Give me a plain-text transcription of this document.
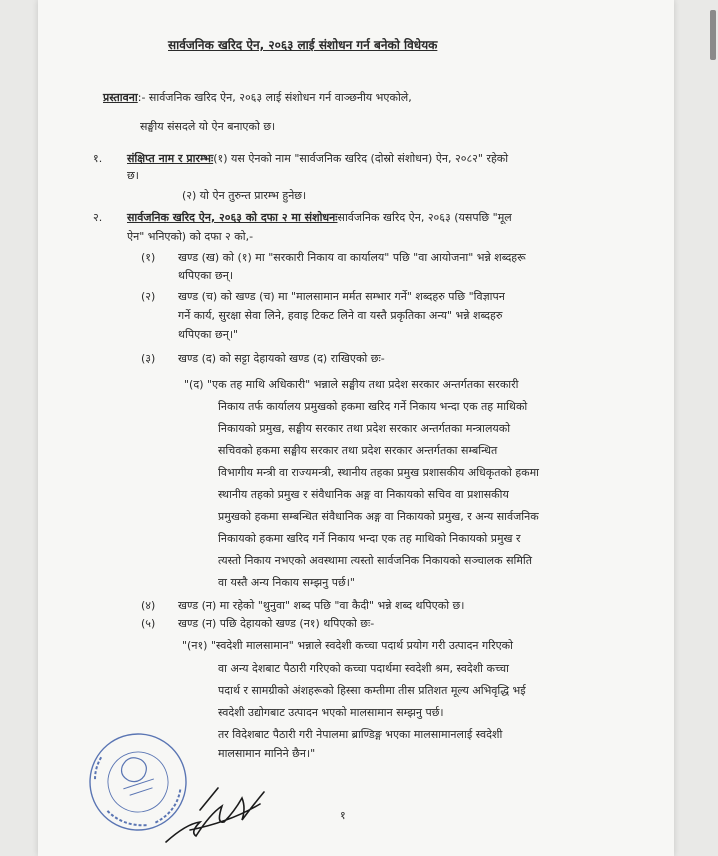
सार्वजनिक खरिद ऐन, २०६३ लाई संशोधन गर्न बनेको विधेयक
प्रस्तावना:- सार्वजनिक खरिद ऐन, २०६३ लाई संशोधन गर्न वाञ्छनीय भएकोले,
सङ्घीय संसदले यो ऐन बनाएको छ।
१. संक्षिप्त नाम र प्रारम्भः(१) यस ऐनको नाम "सार्वजनिक खरिद (दोस्रो संशोधन) ऐन, २०८२" रहेको
छ।
(२) यो ऐन तुरुन्त प्रारम्भ हुनेछ।
२. सार्वजनिक खरिद ऐन, २०६३ को दफा २ मा संशोधनःसार्वजनिक खरिद ऐन, २०६३ (यसपछि "मूल
ऐन" भनिएको) को दफा २ को,-
(१) खण्ड (ख) को (१) मा "सरकारी निकाय वा कार्यालय" पछि "वा आयोजना" भन्ने शब्दहरू
थपिएका छन्।
(२) खण्ड (च) को खण्ड (च) मा "मालसामान मर्मत सम्भार गर्ने" शब्दहरु पछि "विज्ञापन
गर्ने कार्य, सुरक्षा सेवा लिने, हवाइ टिकट लिने वा यस्तै प्रकृतिका अन्य" भन्ने शब्दहरु
थपिएका छन्।"
(३) खण्ड (द) को सट्टा देहायको खण्ड (द) राखिएको छः-
"(द) "एक तह माथि अधिकारी" भन्नाले सङ्घीय तथा प्रदेश सरकार अन्तर्गतका सरकारी
निकाय तर्फ कार्यालय प्रमुखको हकमा खरिद गर्ने निकाय भन्दा एक तह माथिको
निकायको प्रमुख, सङ्घीय सरकार तथा प्रदेश सरकार अन्तर्गतका मन्त्रालयको
सचिवको हकमा सङ्घीय सरकार तथा प्रदेश सरकार अन्तर्गतका सम्बन्धित
विभागीय मन्त्री वा राज्यमन्त्री, स्थानीय तहका प्रमुख प्रशासकीय अधिकृतको हकमा
स्थानीय तहको प्रमुख र संवैधानिक अङ्ग वा निकायको सचिव वा प्रशासकीय
प्रमुखको हकमा सम्बन्धित संवैधानिक अङ्ग वा निकायको प्रमुख, र अन्य सार्वजनिक
निकायको हकमा खरिद गर्ने निकाय भन्दा एक तह माथिको निकायको प्रमुख र
त्यस्तो निकाय नभएको अवस्थामा त्यस्तो सार्वजनिक निकायको सञ्चालक समिति
वा यस्तै अन्य निकाय सम्झनु पर्छ।"
(४) खण्ड (न) मा रहेको "थुनुवा" शब्द पछि "वा कैदी" भन्ने शब्द थपिएको छ।
(५) खण्ड (न) पछि देहायको खण्ड (न१) थपिएको छः-
"(न१) "स्वदेशी मालसामान" भन्नाले स्वदेशी कच्चा पदार्थ प्रयोग गरी उत्पादन गरिएको
वा अन्य देशबाट पैठारी गरिएको कच्चा पदार्थमा स्वदेशी श्रम, स्वदेशी कच्चा
पदार्थ र सामग्रीको अंशहरूको हिस्सा कम्तीमा तीस प्रतिशत मूल्य अभिवृद्धि भई
स्वदेशी उद्योगबाट उत्पादन भएको मालसामान सम्झनु पर्छ।
तर विदेशबाट पैठारी गरी नेपालमा ब्राण्डिङ्ग भएका मालसामानलाई स्वदेशी
मालसामान मानिने छैन।"
१
